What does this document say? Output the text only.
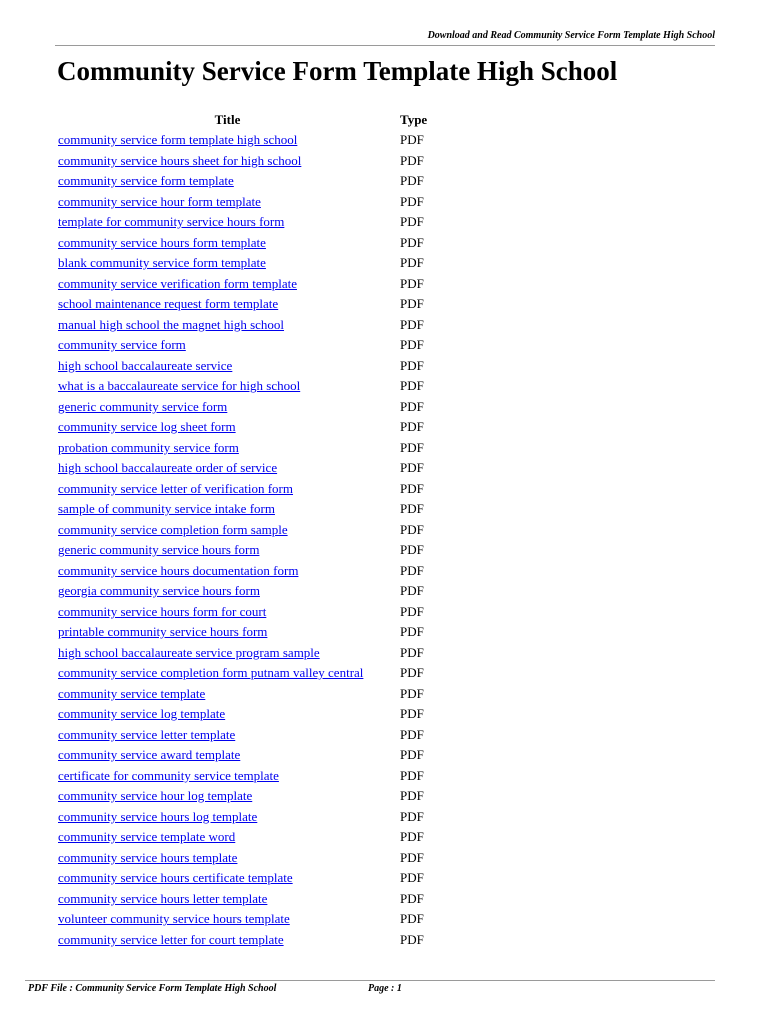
Download and Read Community Service Form Template High School
Community Service Form Template High School
Title	Type
community service form template high school	PDF
community service hours sheet for high school	PDF
community service form template	PDF
community service hour form template	PDF
template for community service hours form	PDF
community service hours form template	PDF
blank community service form template	PDF
community service verification form template	PDF
school maintenance request form template	PDF
manual high school the magnet high school	PDF
community service form	PDF
high school baccalaureate service	PDF
what is a baccalaureate service for high school	PDF
generic community service form	PDF
community service log sheet form	PDF
probation community service form	PDF
high school baccalaureate order of service	PDF
community service letter of verification form	PDF
sample of community service intake form	PDF
community service completion form sample	PDF
generic community service hours form	PDF
community service hours documentation form	PDF
georgia community service hours form	PDF
community service hours form for court	PDF
printable community service hours form	PDF
high school baccalaureate service program sample	PDF
community service completion form putnam valley central	PDF
community service template	PDF
community service log template	PDF
community service letter template	PDF
community service award template	PDF
certificate for community service template	PDF
community service hour log template	PDF
community service hours log template	PDF
community service template word	PDF
community service hours template	PDF
community service hours certificate template	PDF
community service hours letter template	PDF
volunteer community service hours template	PDF
community service letter for court template	PDF
PDF File : Community Service Form Template High School	Page : 1
